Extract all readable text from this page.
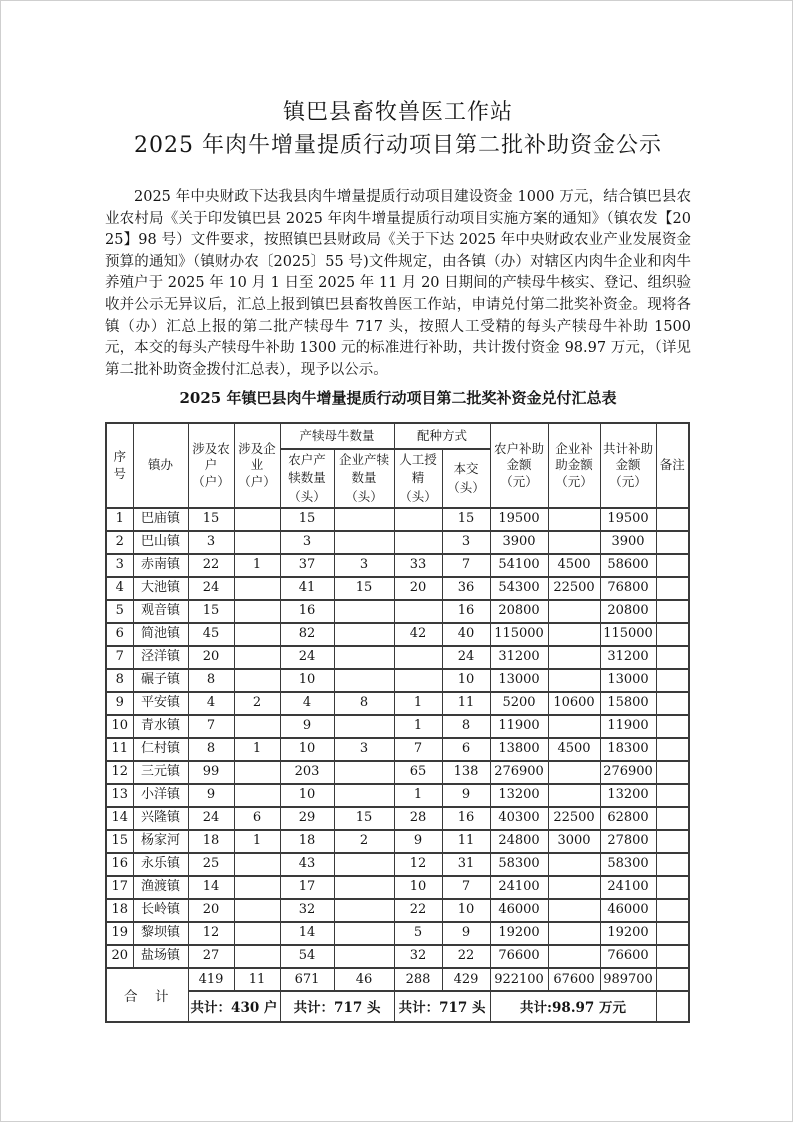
镇巴县畜牧兽医工作站
2025 年肉牛增量提质行动项目第二批补助资金公示

2025 年中央财政下达我县肉牛增量提质行动项目建设资金 1000 万元，结合镇巴县农业农村局《关于印发镇巴县 2025 年肉牛增量提质行动项目实施方案的通知》（镇农发【2025】98 号）文件要求，按照镇巴县财政局《关于下达 2025 年中央财政农业产业发展资金预算的通知》（镇财办农〔2025〕55 号)文件规定，由各镇（办）对辖区内肉牛企业和肉牛养殖户于 2025 年 10 月 1 日至 2025 年 11 月 20 日期间的产犊母牛核实、登记、组织验收并公示无异议后，汇总上报到镇巴县畜牧兽医工作站，申请兑付第二批奖补资金。现将各镇（办）汇总上报的第二批产犊母牛 717 头，按照人工受精的每头产犊母牛补助 1500 元，本交的每头产犊母牛补助 1300 元的标准进行补助，共计拨付资金 98.97 万元，（详见第二批补助资金拨付汇总表），现予以公示。

2025 年镇巴县肉牛增量提质行动项目第二批奖补资金兑付汇总表
序号	镇办	涉及农户（户）	涉及企业（户）	产犊母牛数量		配种方式		农户补助金额（元）	企业补助金额（元）	共计补助金额（元）	备注
				农户产犊数量（头）	企业产犊数量（头）	人工授精（头）	本交（头）				
1	巴庙镇	15		15			15	19500		19500	
2	巴山镇	3		3			3	3900		3900	
3	赤南镇	22	1	37	3	33	7	54100	4500	58600	
4	大池镇	24		41	15	20	36	54300	22500	76800	
5	观音镇	15		16			16	20800		20800	
6	简池镇	45		82		42	40	115000		115000	
7	泾洋镇	20		24			24	31200		31200	
8	碾子镇	8		10			10	13000		13000	
9	平安镇	4	2	4	8	1	11	5200	10600	15800	
10	青水镇	7		9		1	8	11900		11900	
11	仁村镇	8	1	10	3	7	6	13800	4500	18300	
12	三元镇	99		203		65	138	276900		276900	
13	小洋镇	9		10		1	9	13200		13200	
14	兴隆镇	24	6	29	15	28	16	40300	22500	62800	
15	杨家河	18	1	18	2	9	11	24800	3000	27800	
16	永乐镇	25		43		12	31	58300		58300	
17	渔渡镇	14		17		10	7	24100		24100	
18	长岭镇	20		32		22	10	46000		46000	
19	黎坝镇	12		14		5	9	19200		19200	
20	盐场镇	27		54		32	22	76600		76600	
合　计		419	11	671	46	288	429	922100	67600	989700	
		共计：430 户		共计：717 头		共计：717 头		共计:98.97 万元			
